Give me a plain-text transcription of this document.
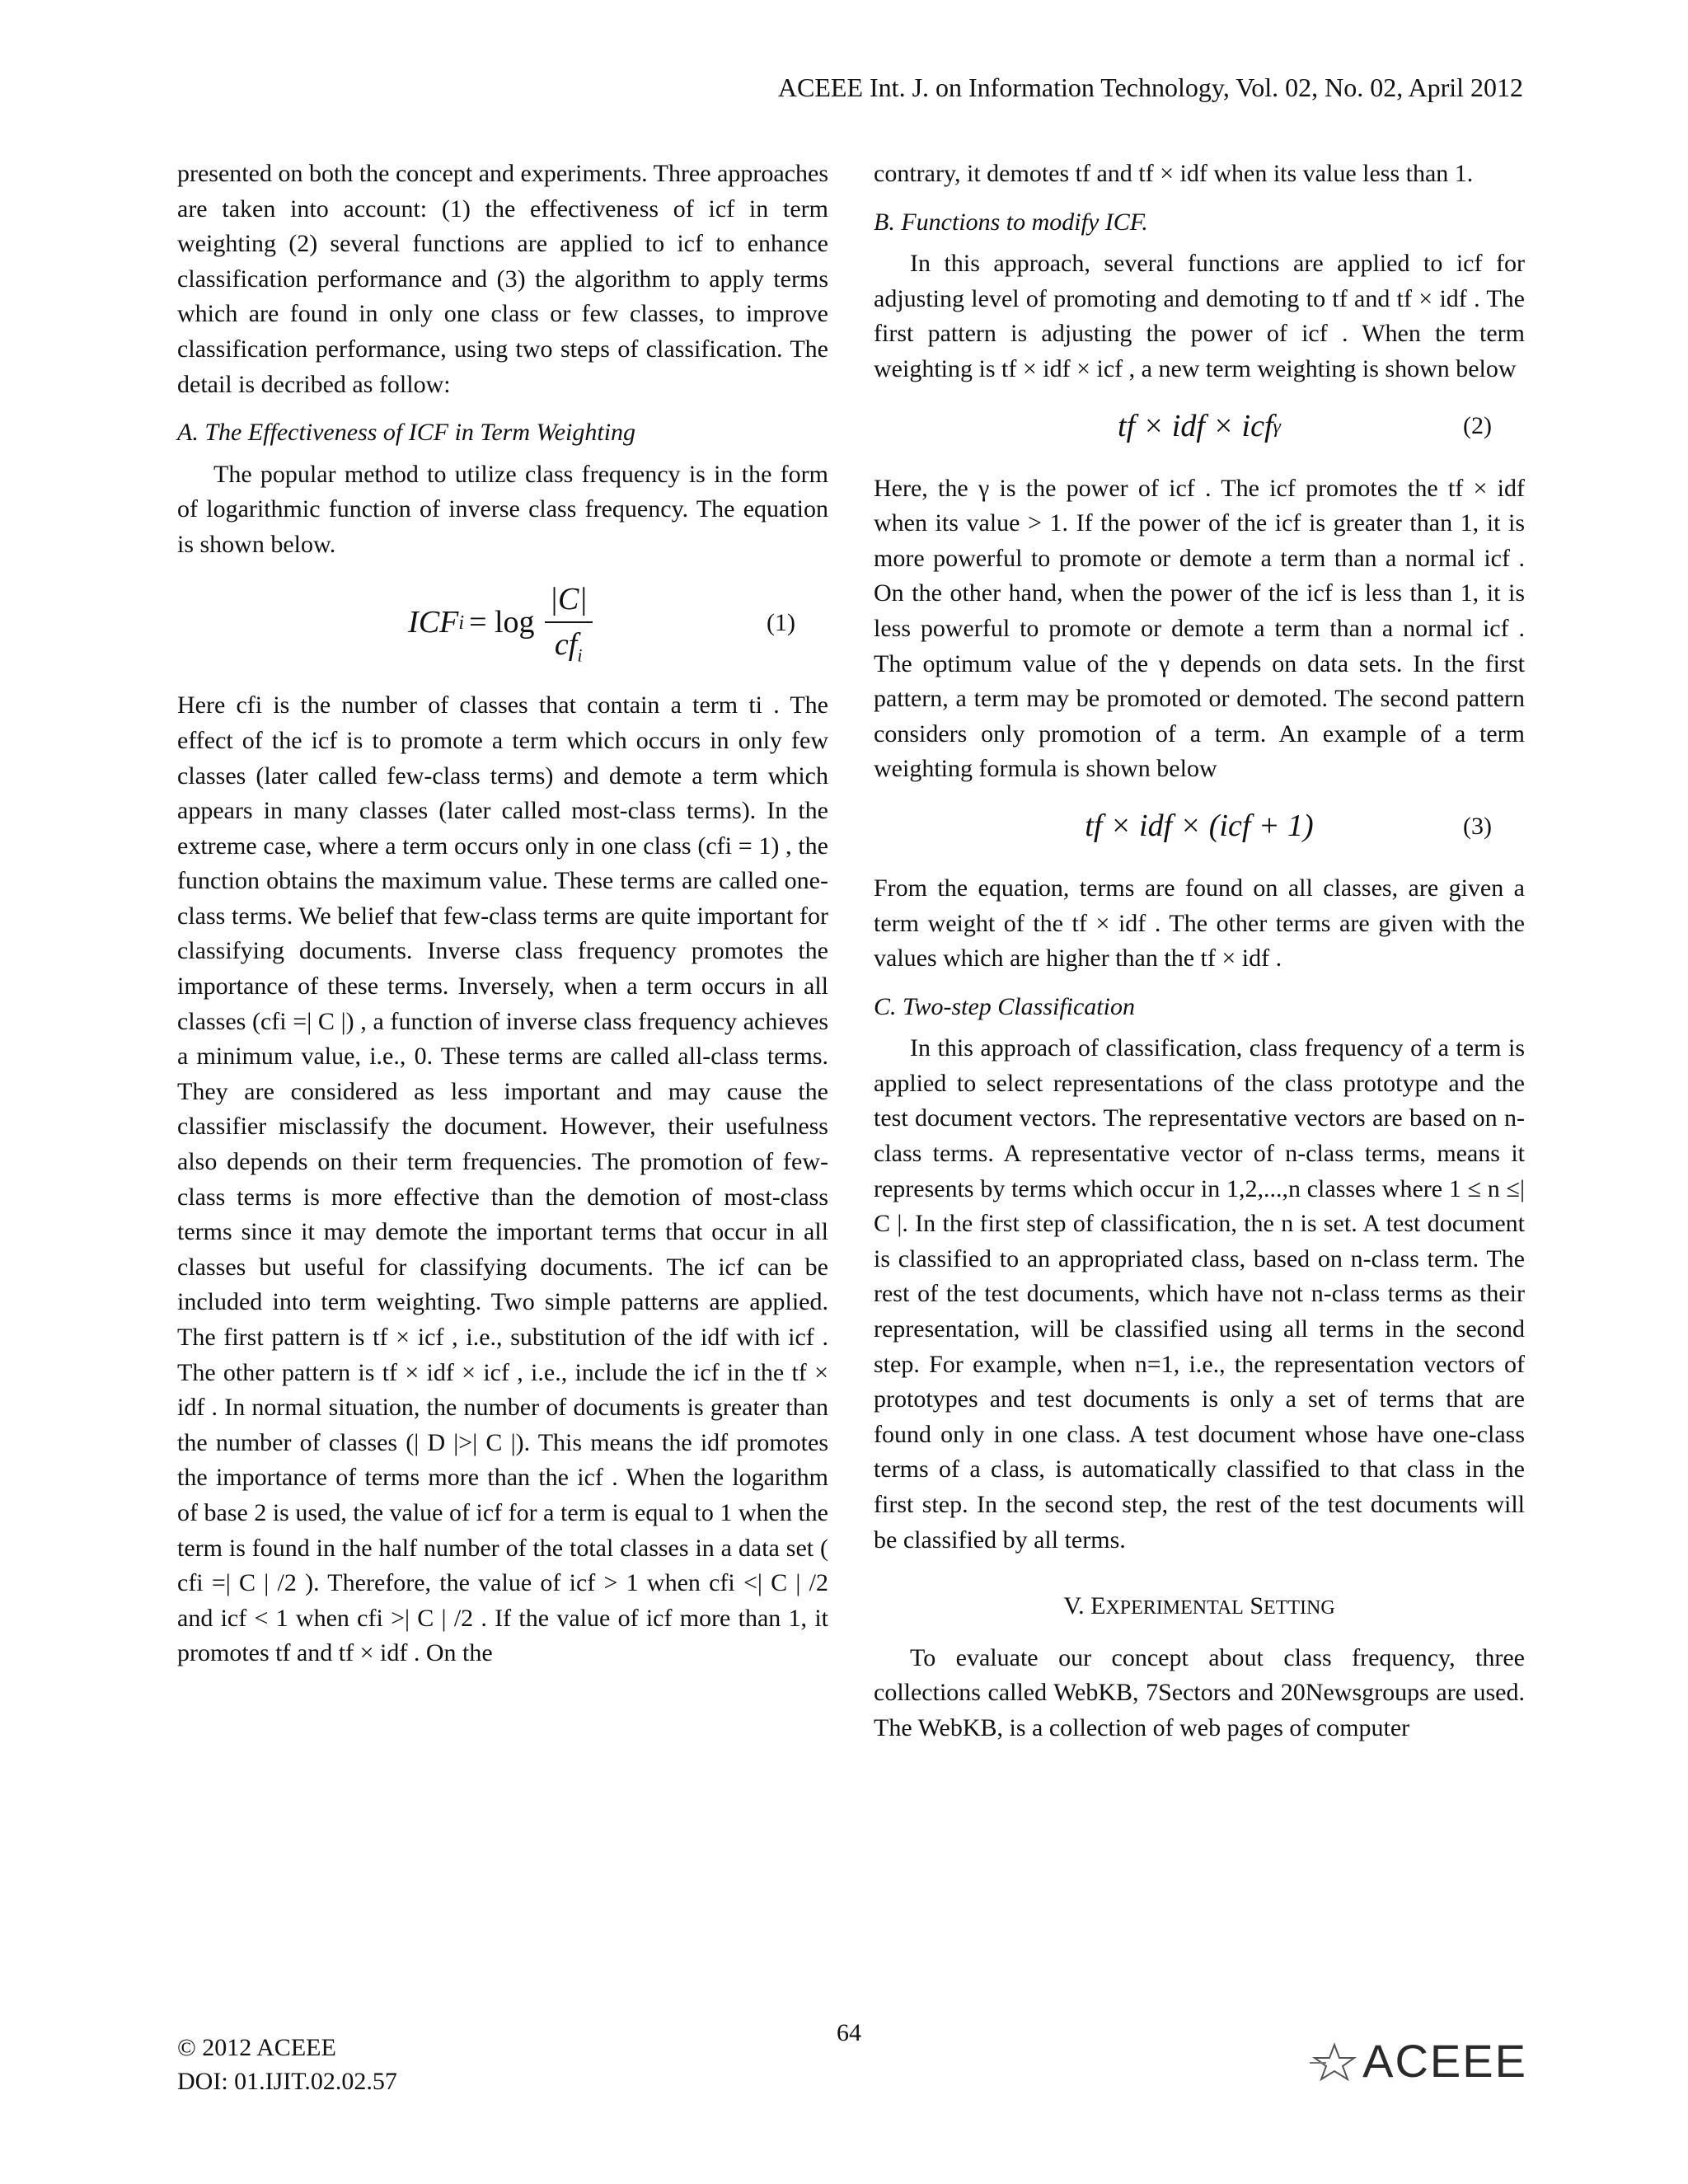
ACEEE Int. J. on Information Technology, Vol. 02, No. 02, April 2012

presented on both the concept and experiments. Three approaches are taken into account: (1) the effectiveness of icf in term weighting (2) several functions are applied to icf to enhance classification performance and (3) the algorithm to apply terms which are found in only one class or few classes, to improve classification performance, using two steps of classification. The detail is decribed as follow:

A. The Effectiveness of ICF in Term Weighting

The popular method to utilize class frequency is in the form of logarithmic function of inverse class frequency. The equation is shown below.

ICF $i = \log \frac{|C|}{cf_i}$	(1)

Here cfi is the number of classes that contain a term ti . The effect of the icf is to promote a term which occurs in only few classes (later called few-class terms) and demote a term which appears in many classes (later called most-class terms). In the extreme case, where a term occurs only in one class (cfi = 1) , the function obtains the maximum value. These terms are called one-class terms. We belief that few-class terms are quite important for classifying documents. Inverse class frequency promotes the importance of these terms. Inversely, when a term occurs in all classes (cfi =| C |) , a function of inverse class frequency achieves a minimum value, i.e., 0. These terms are called all-class terms. They are considered as less important and may cause the classifier misclassify the document. However, their usefulness also depends on their term frequencies. The promotion of few-class terms is more effective than the demotion of most-class terms since it may demote the important terms that occur in all classes but useful for classifying documents. The icf can be included into term weighting. Two simple patterns are applied. The first pattern is tf × icf , i.e., substitution of the idf with icf . The other pattern is tf × idf × icf , i.e., include the icf in the tf × idf . In normal situation, the number of documents is greater than the number of classes (| D |>| C |). This means the idf promotes the importance of terms more than the icf . When the logarithm of base 2 is used, the value of icf for a term is equal to 1 when the term is found in the half number of the total classes in a data set ( cfi =| C | /2 ). Therefore, the value of icf > 1 when cfi <| C | /2 and icf < 1 when cfi >| C | /2 . If the value of icf more than 1, it promotes tf and tf × idf . On the

contrary, it demotes tf and tf × idf when its value less than 1.

B. Functions to modify ICF.

In this approach, several functions are applied to icf for adjusting level of promoting and demoting to tf and tf × idf . The first pattern is adjusting the power of icf . When the term weighting is tf × idf × icf , a new term weighting is shown below

tf × idf × icf γ	(2)

Here, the γ is the power of icf . The icf promotes the tf × idf when its value > 1. If the power of the icf is greater than 1, it is more powerful to promote or demote a term than a normal icf . On the other hand, when the power of the icf is less than 1, it is less powerful to promote or demote a term than a normal icf . The optimum value of the γ depends on data sets. In the first pattern, a term may be promoted or demoted. The second pattern considers only promotion of a term. An example of a term weighting formula is shown below

tf × idf × (icf + 1)	(3)

From the equation, terms are found on all classes, are given a term weight of the tf × idf . The other terms are given with the values which are higher than the tf × idf .

C. Two-step Classification

In this approach of classification, class frequency of a term is applied to select representations of the class prototype and the test document vectors. The representative vectors are based on n-class terms. A representative vector of n-class terms, means it represents by terms which occur in 1,2,...,n classes where 1 ≤ n ≤| C |. In the first step of classification, the n is set. A test document is classified to an appropriated class, based on n-class term. The rest of the test documents, which have not n-class terms as their representation, will be classified using all terms in the second step. For example, when n=1, i.e., the representation vectors of prototypes and test documents is only a set of terms that are found only in one class. A test document whose have one-class terms of a class, is automatically classified to that class in the first step. In the second step, the rest of the test documents will be classified by all terms.

V. EXPERIMENTAL SETTING

To evaluate our concept about class frequency, three collections called WebKB, 7Sectors and 20Newsgroups are used. The WebKB, is a collection of web pages of computer

© 2012 ACEEE
DOI: 01.IJIT.02.02.57
64
ACEEE
